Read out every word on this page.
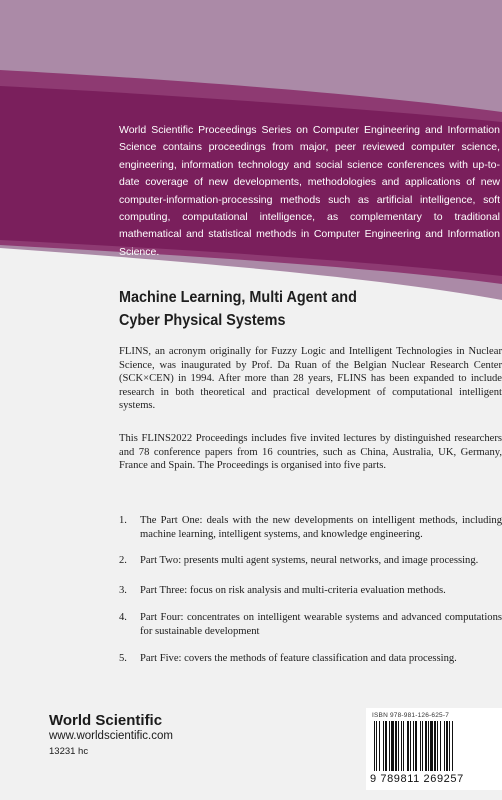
World Scientific Proceedings Series on Computer Engineering and Information Science contains proceedings from major, peer reviewed computer science, engineering, information technology and social science conferences with up-to-date coverage of new developments, methodologies and applications of new computer-information-processing methods such as artificial intelligence, soft computing, computational intelligence, as complementary to traditional mathematical and statistical methods in Computer Engineering and Information Science.

Machine Learning, Multi Agent and
Cyber Physical Systems

FLINS, an acronym originally for Fuzzy Logic and Intelligent Technologies in Nuclear Science, was inaugurated by Prof. Da Ruan of the Belgian Nuclear Research Center (SCK×CEN) in 1994. After more than 28 years, FLINS has been expanded to include research in both theoretical and practical development of computational intelligent systems.

This FLINS2022 Proceedings includes five invited lectures by distinguished researchers and 78 conference papers from 16 countries, such as China, Australia, UK, Germany, France and Spain. The Proceedings is organised into five parts.

1. The Part One: deals with the new developments on intelligent methods, including machine learning, intelligent systems, and knowledge engineering.
2. Part Two: presents multi agent systems, neural networks, and image processing.
3. Part Three: focus on risk analysis and multi-criteria evaluation methods.
4. Part Four: concentrates on intelligent wearable systems and advanced computations for sustainable development
5. Part Five: covers the methods of feature classification and data processing.
World Scientific
www.worldscientific.com
13231 hc
ISBN 978-981-126-625-7
9 789811 269257
